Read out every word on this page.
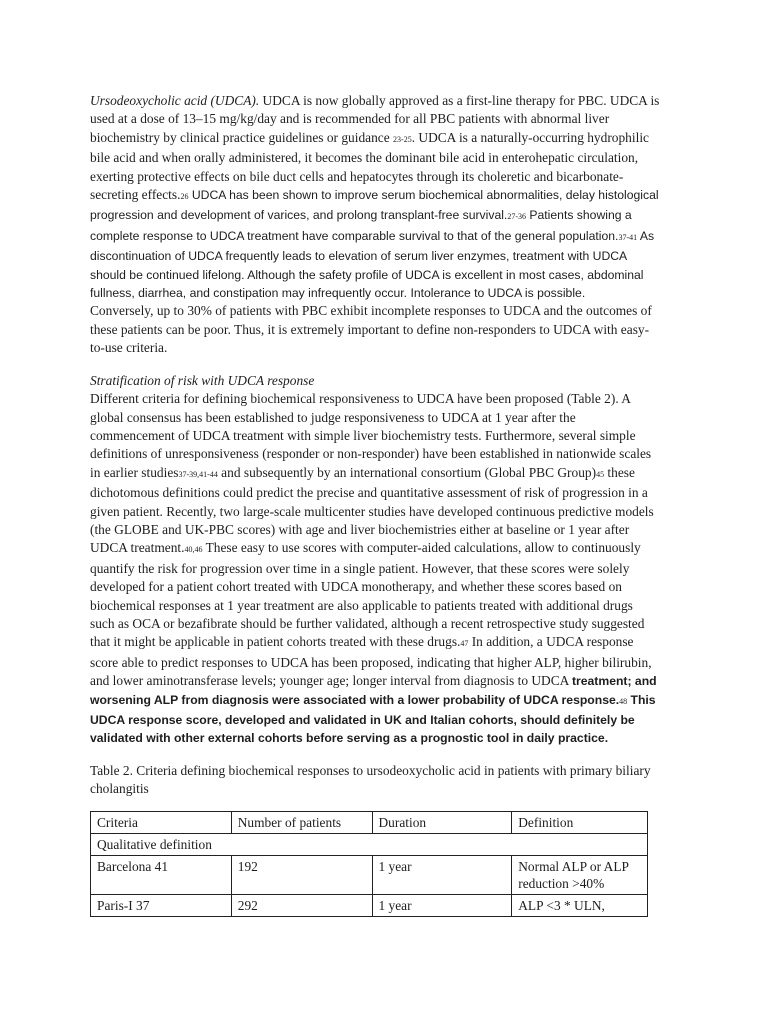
Ursodeoxycholic acid (UDCA). UDCA is now globally approved as a first-line therapy for PBC. UDCA is used at a dose of 13–15 mg/kg/day and is recommended for all PBC patients with abnormal liver biochemistry by clinical practice guidelines or guidance 23-25. UDCA is a naturally-occurring hydrophilic bile acid and when orally administered, it becomes the dominant bile acid in enterohepatic circulation, exerting protective effects on bile duct cells and hepatocytes through its choleretic and bicarbonate-secreting effects.26 UDCA has been shown to improve serum biochemical abnormalities, delay histological progression and development of varices, and prolong transplant-free survival.27-36 Patients showing a complete response to UDCA treatment have comparable survival to that of the general population.37-41 As discontinuation of UDCA frequently leads to elevation of serum liver enzymes, treatment with UDCA should be continued lifelong. Although the safety profile of UDCA is excellent in most cases, abdominal fullness, diarrhea, and constipation may infrequently occur. Intolerance to UDCA is possible.

Conversely, up to 30% of patients with PBC exhibit incomplete responses to UDCA and the outcomes of these patients can be poor. Thus, it is extremely important to define non-responders to UDCA with easy-to-use criteria.

Stratification of risk with UDCA response

Different criteria for defining biochemical responsiveness to UDCA have been proposed (Table 2). A global consensus has been established to judge responsiveness to UDCA at 1 year after the commencement of UDCA treatment with simple liver biochemistry tests. Furthermore, several simple definitions of unresponsiveness (responder or non-responder) have been established in nationwide scales in earlier studies37-39,41-44 and subsequently by an international consortium (Global PBC Group)45 these dichotomous definitions could predict the precise and quantitative assessment of risk of progression in a given patient. Recently, two large-scale multicenter studies have developed continuous predictive models (the GLOBE and UK-PBC scores) with age and liver biochemistries either at baseline or 1 year after UDCA treatment.40,46 These easy to use scores with computer-aided calculations, allow to continuously quantify the risk for progression over time in a single patient. However, that these scores were solely developed for a patient cohort treated with UDCA monotherapy, and whether these scores based on biochemical responses at 1 year treatment are also applicable to patients treated with additional drugs such as OCA or bezafibrate should be further validated, although a recent retrospective study suggested that it might be applicable in patient cohorts treated with these drugs.47 In addition, a UDCA response score able to predict responses to UDCA has been proposed, indicating that higher ALP, higher bilirubin, and lower aminotransferase levels; younger age; longer interval from diagnosis to UDCA treatment; and worsening ALP from diagnosis were associated with a lower probability of UDCA response.48 This UDCA response score, developed and validated in UK and Italian cohorts, should definitely be validated with other external cohorts before serving as a prognostic tool in daily practice.

Table 2. Criteria defining biochemical responses to ursodeoxycholic acid in patients with primary biliary cholangitis

Criteria	Number of patients	Duration	Definition
Qualitative definition			
Barcelona 41	192	1 year	Normal ALP or ALP reduction >40%
Paris-I 37	292	1 year	ALP <3 * ULN,
